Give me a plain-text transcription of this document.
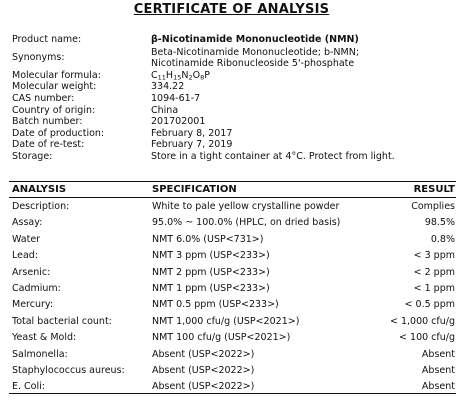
CERTIFICATE OF ANALYSIS
Product name:	β-Nicotinamide Mononucleotide (NMN)
Synonyms:	Beta-Nicotinamide Mononucleotide; b-NMN;
Nicotinamide Ribonucleoside 5'-phosphate
Molecular formula:	$C_{11}H_{15}N_2O_8P$
Molecular weight:	334.22
CAS number:	1094-61-7
Country of origin:	China
Batch number:	201702001
Date of production:	February 8, 2017
Date of re-test:	February 7, 2019
Storage:	Store in a tight container at 4°C. Protect from light.
ANALYSIS	SPECIFICATION	RESULT
Description:	White to pale yellow crystalline powder	Complies
Assay:	95.0% ~ 100.0% (HPLC, on dried basis)	98.5%
Water	NMT 6.0% (USP<731>)	0.8%
Lead:	NMT 3 ppm (USP<233>)	< 3 ppm
Arsenic:	NMT 2 ppm (USP<233>)	< 2 ppm
Cadmium:	NMT 1 ppm (USP<233>)	< 1 ppm
Mercury:	NMT 0.5 ppm (USP<233>)	< 0.5 ppm
Total bacterial count:	NMT 1,000 cfu/g (USP<2021>)	< 1,000 cfu/g
Yeast & Mold:	NMT 100 cfu/g (USP<2021>)	< 100 cfu/g
Salmonella:	Absent (USP<2022>)	Absent
Staphylococcus aureus:	Absent (USP<2022>)	Absent
E. Coli:	Absent (USP<2022>)	Absent
